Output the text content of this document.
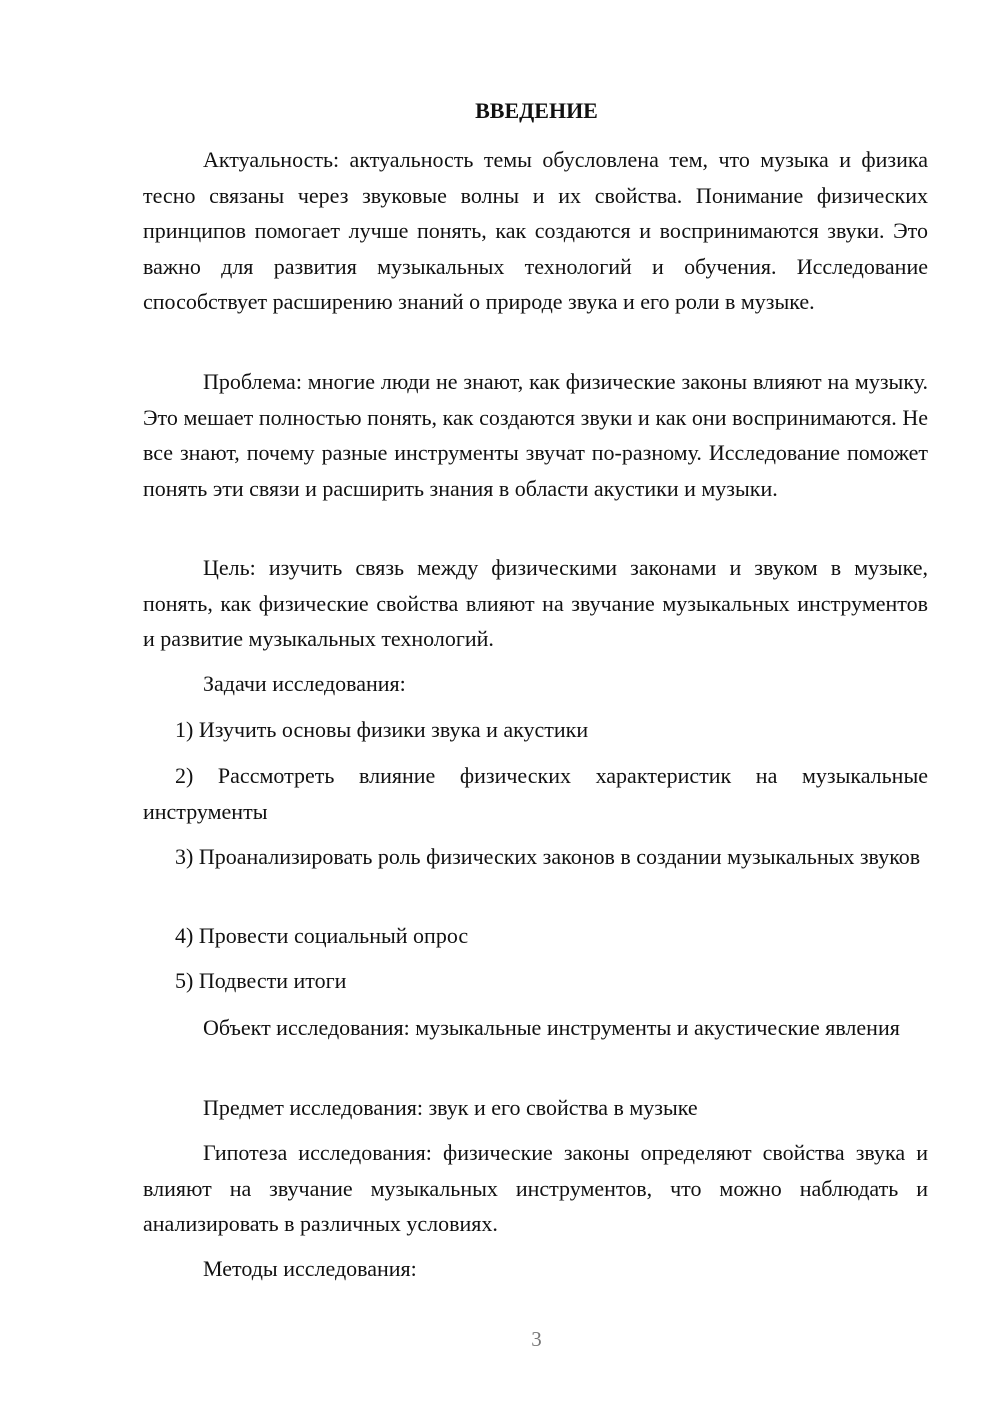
ВВЕДЕНИЕ

Актуальность: актуальность темы обусловлена тем, что музыка и физика тесно связаны через звуковые волны и их свойства. Понимание физических принципов помогает лучше понять, как создаются и воспринимаются звуки. Это важно для развития музыкальных технологий и обучения. Исследование способствует расширению знаний о природе звука и его роли в музыке.

Проблема: многие люди не знают, как физические законы влияют на музыку. Это мешает полностью понять, как создаются звуки и как они воспринимаются. Не все знают, почему разные инструменты звучат по-разному. Исследование поможет понять эти связи и расширить знания в области акустики и музыки.

Цель: изучить связь между физическими законами и звуком в музыке, понять, как физические свойства влияют на звучание музыкальных инструментов и развитие музыкальных технологий.

Задачи исследования:

1) Изучить основы физики звука и акустики

2) Рассмотреть влияние физических характеристик на музыкальные инструменты

3) Проанализировать роль физических законов в создании музыкальных звуков

4) Провести социальный опрос

5) Подвести итоги

Объект исследования: музыкальные инструменты и акустические явления

Предмет исследования: звук и его свойства в музыке

Гипотеза исследования: физические законы определяют свойства звука и влияют на звучание музыкальных инструментов, что можно наблюдать и анализировать в различных условиях.

Методы исследования:

3
